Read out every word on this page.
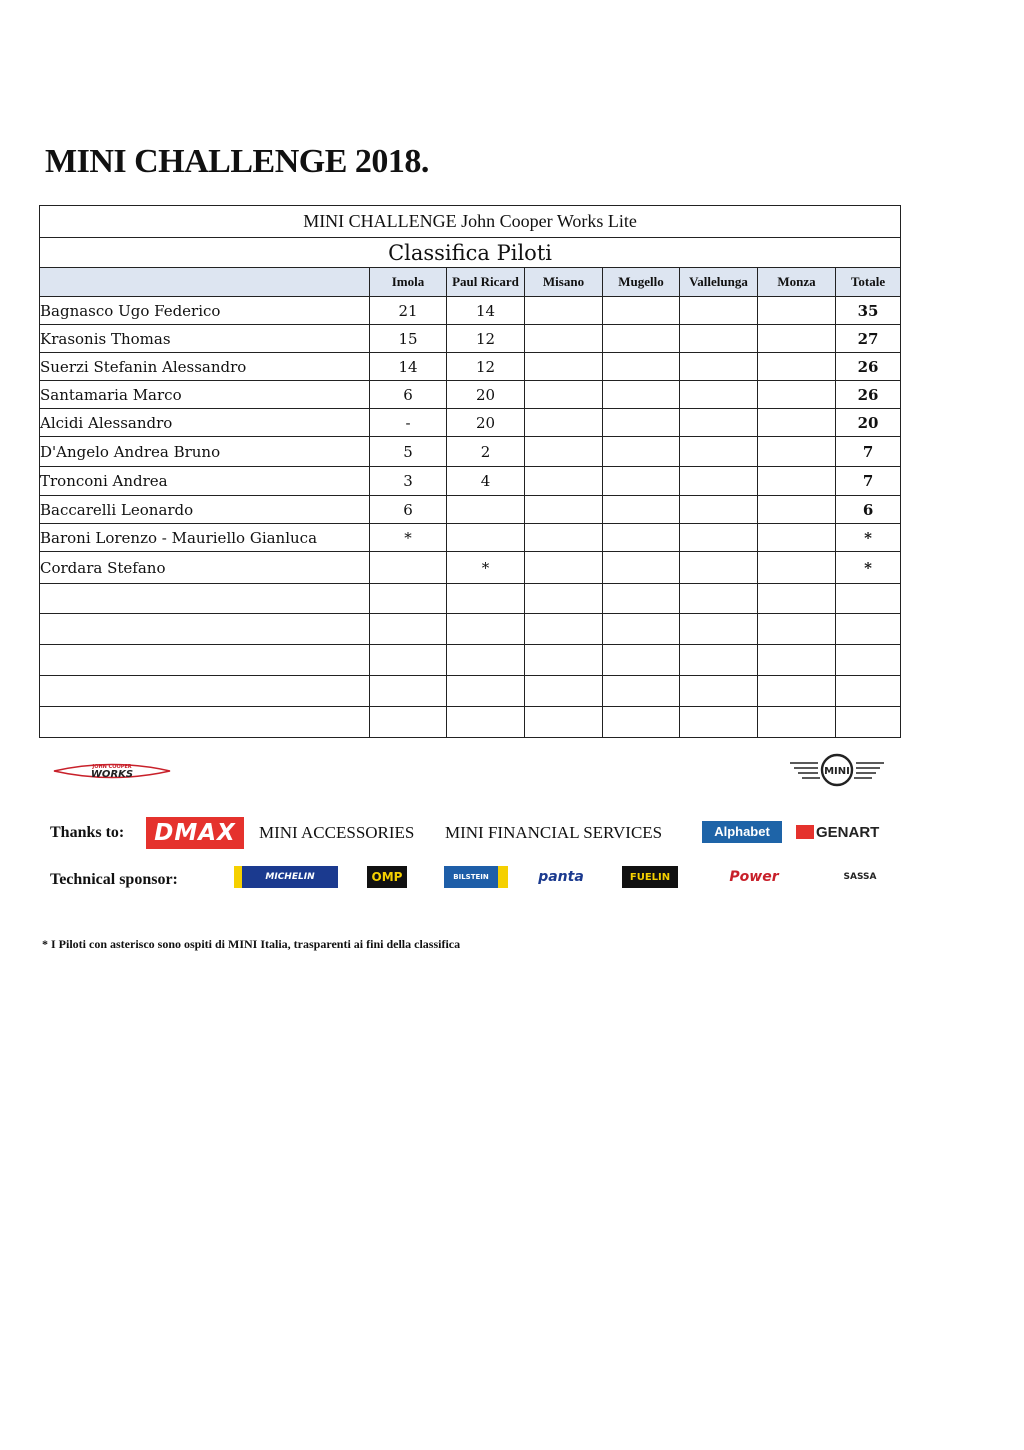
MINI CHALLENGE 2018.
MINI CHALLENGE John Cooper Works Lite							
Classifica Piloti							
	Imola	Paul Ricard	Misano	Mugello	Vallelunga	Monza	Totale
Bagnasco Ugo Federico	21	14					35
Krasonis Thomas	15	12					27
Suerzi Stefanin Alessandro	14	12					26
Santamaria Marco	6	20					26
Alcidi Alessandro	-	20					20
D'Angelo Andrea Bruno	5	2					7
Tronconi Andrea	3	4					7
Baccarelli Leonardo	6						6
Baroni Lorenzo - Mauriello Gianluca	*						*
Cordara Stefano		*					*

JOHN COOPER
WORKS	MINI
Thanks to:	DMAX	MINI ACCESSORIES MINI FINANCIAL SERVICES	Alphabet	GENART
Technical sponsor:	MICHELIN	OMP	BILSTEIN	panta	FUELIN	Power	SASSA
* I Piloti con asterisco sono ospiti di MINI Italia, trasparenti ai fini della classifica
